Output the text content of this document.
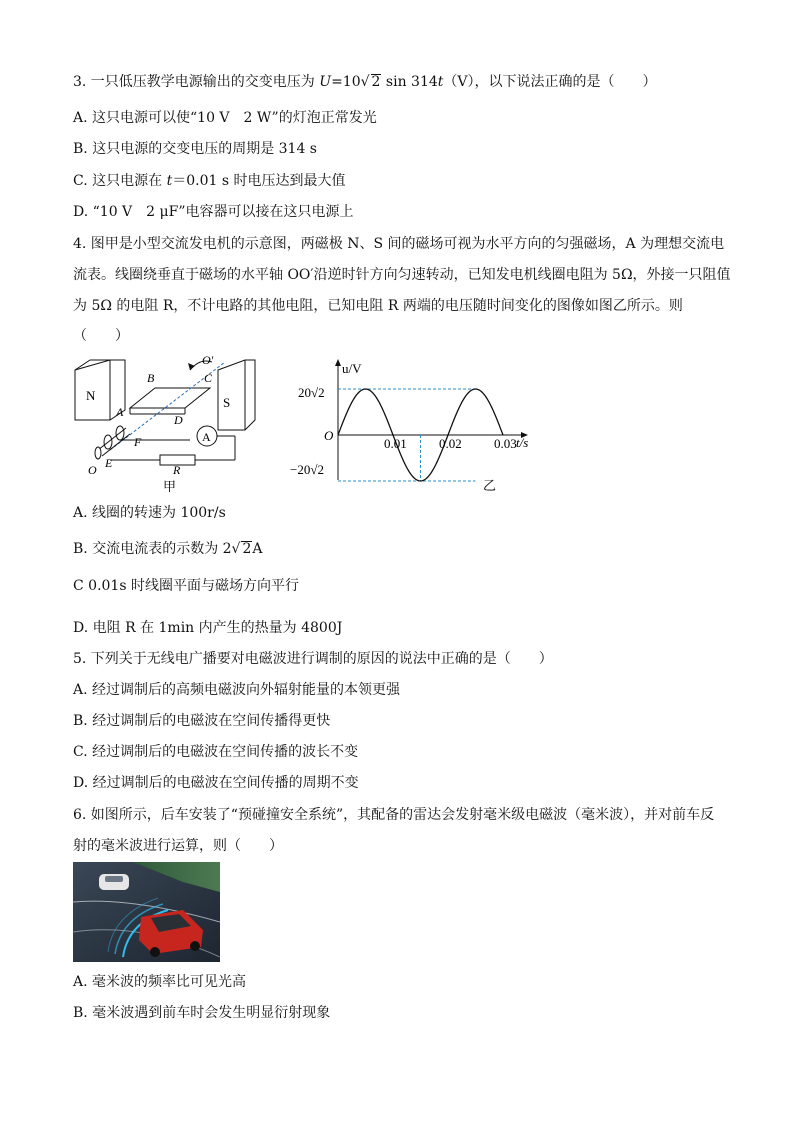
3. 一只低压教学电源输出的交变电压为 U=10√ 2 sin 314t（V），以下说法正确的是（　　）
A. 这只电源可以使“10 V　2 W”的灯泡正常发光
B. 这只电源的交变电压的周期是 314 s
C. 这只电源在 t＝0.01 s 时电压达到最大值
D. “10 V　2 μF”电容器可以接在这只电源上
4. 图甲是小型交流发电机的示意图，两磁极 N、S 间的磁场可视为水平方向的匀强磁场，A 为理想交流电
流表。线圈绕垂直于磁场的水平轴 OO′沿逆时针方向匀速转动，已知发电机线圈电阻为 5Ω，外接一只阻值
为 5Ω 的电阻 R，不计电路的其他电阻，已知电阻 R 两端的电压随时间变化的图像如图乙所示。则
（　　）
N	S
A
O′
B	C
A
D
F
E
O	R
甲
u/V
t/s
O
20√2
−20√2
乙
0.01 0.02 0.03
A. 线圈的转速为 100r/s
B. 交流电流表的示数为 2√ 2A
C 0.01s 时线圈平面与磁场方向平行
D. 电阻 R 在 1min 内产生的热量为 4800J
5. 下列关于无线电广播要对电磁波进行调制的原因的说法中正确的是（　　）
A. 经过调制后的高频电磁波向外辐射能量的本领更强
B. 经过调制后的电磁波在空间传播得更快
C. 经过调制后的电磁波在空间传播的波长不变
D. 经过调制后的电磁波在空间传播的周期不变
6. 如图所示，后车安装了“预碰撞安全系统”，其配备的雷达会发射毫米级电磁波（毫米波），并对前车反
射的毫米波进行运算，则（　　）
A. 毫米波的频率比可见光高
B. 毫米波遇到前车时会发生明显衍射现象
